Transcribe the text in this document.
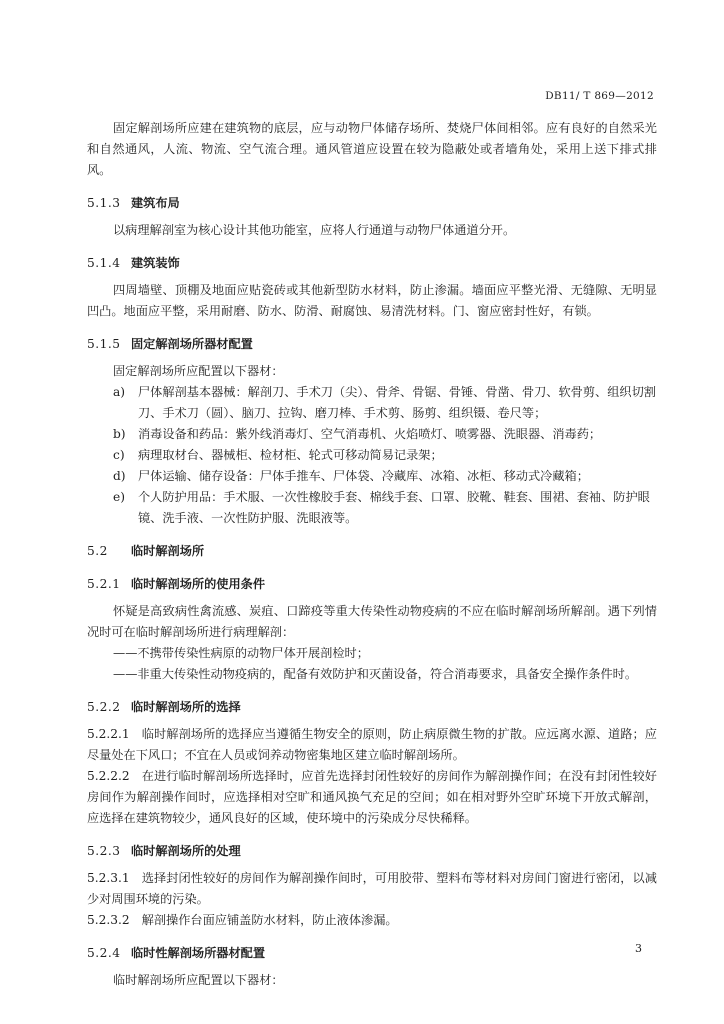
DB11/ T 869—2012

固定解剖场所应建在建筑物的底层，应与动物尸体储存场所、焚烧尸体间相邻。应有良好的自然采光和自然通风，人流、物流、空气流合理。通风管道应设置在较为隐蔽处或者墙角处，采用上送下排式排风。

5.1.3 建筑布局

以病理解剖室为核心设计其他功能室，应将人行通道与动物尸体通道分开。

5.1.4 建筑装饰

四周墙壁、顶棚及地面应贴瓷砖或其他新型防水材料，防止渗漏。墙面应平整光滑、无缝隙、无明显凹凸。地面应平整，采用耐磨、防水、防滑、耐腐蚀、易清洗材料。门、窗应密封性好，有锁。

5.1.5 固定解剖场所器材配置

固定解剖场所应配置以下器材：

a) 尸体解剖基本器械：解剖刀、手术刀（尖）、骨斧、骨锯、骨锤、骨凿、骨刀、软骨剪、组织切割刀、手术刀（圆）、脑刀、拉钩、磨刀棒、手术剪、肠剪、组织镊、卷尺等；

b) 消毒设备和药品：紫外线消毒灯、空气消毒机、火焰喷灯、喷雾器、洗眼器、消毒药；

c) 病理取材台、器械柜、检材柜、轮式可移动简易记录架；

d) 尸体运输、储存设备：尸体手推车、尸体袋、冷藏库、冰箱、冰柜、移动式冷藏箱；

e) 个人防护用品：手术服、一次性橡胶手套、棉线手套、口罩、胶靴、鞋套、围裙、套袖、防护眼镜、洗手液、一次性防护服、洗眼液等。

5.2 临时解剖场所

5.2.1 临时解剖场所的使用条件

怀疑是高致病性禽流感、炭疽、口蹄疫等重大传染性动物疫病的不应在临时解剖场所解剖。遇下列情况时可在临时解剖场所进行病理解剖：

——不携带传染性病原的动物尸体开展剖检时；

——非重大传染性动物疫病的，配备有效防护和灭菌设备，符合消毒要求，具备安全操作条件时。

5.2.2 临时解剖场所的选择

5.2.2.1 临时解剖场所的选择应当遵循生物安全的原则，防止病原微生物的扩散。应远离水源、道路；应尽量处在下风口；不宜在人员或饲养动物密集地区建立临时解剖场所。

5.2.2.2 在进行临时解剖场所选择时，应首先选择封闭性较好的房间作为解剖操作间；在没有封闭性较好房间作为解剖操作间时，应选择相对空旷和通风换气充足的空间；如在相对野外空旷环境下开放式解剖，应选择在建筑物较少，通风良好的区域，使环境中的污染成分尽快稀释。

5.2.3 临时解剖场所的处理

5.2.3.1 选择封闭性较好的房间作为解剖操作间时，可用胶带、塑料布等材料对房间门窗进行密闭，以减少对周围环境的污染。

5.2.3.2 解剖操作台面应铺盖防水材料，防止液体渗漏。

5.2.4 临时性解剖场所器材配置

临时解剖场所应配置以下器材：

3
